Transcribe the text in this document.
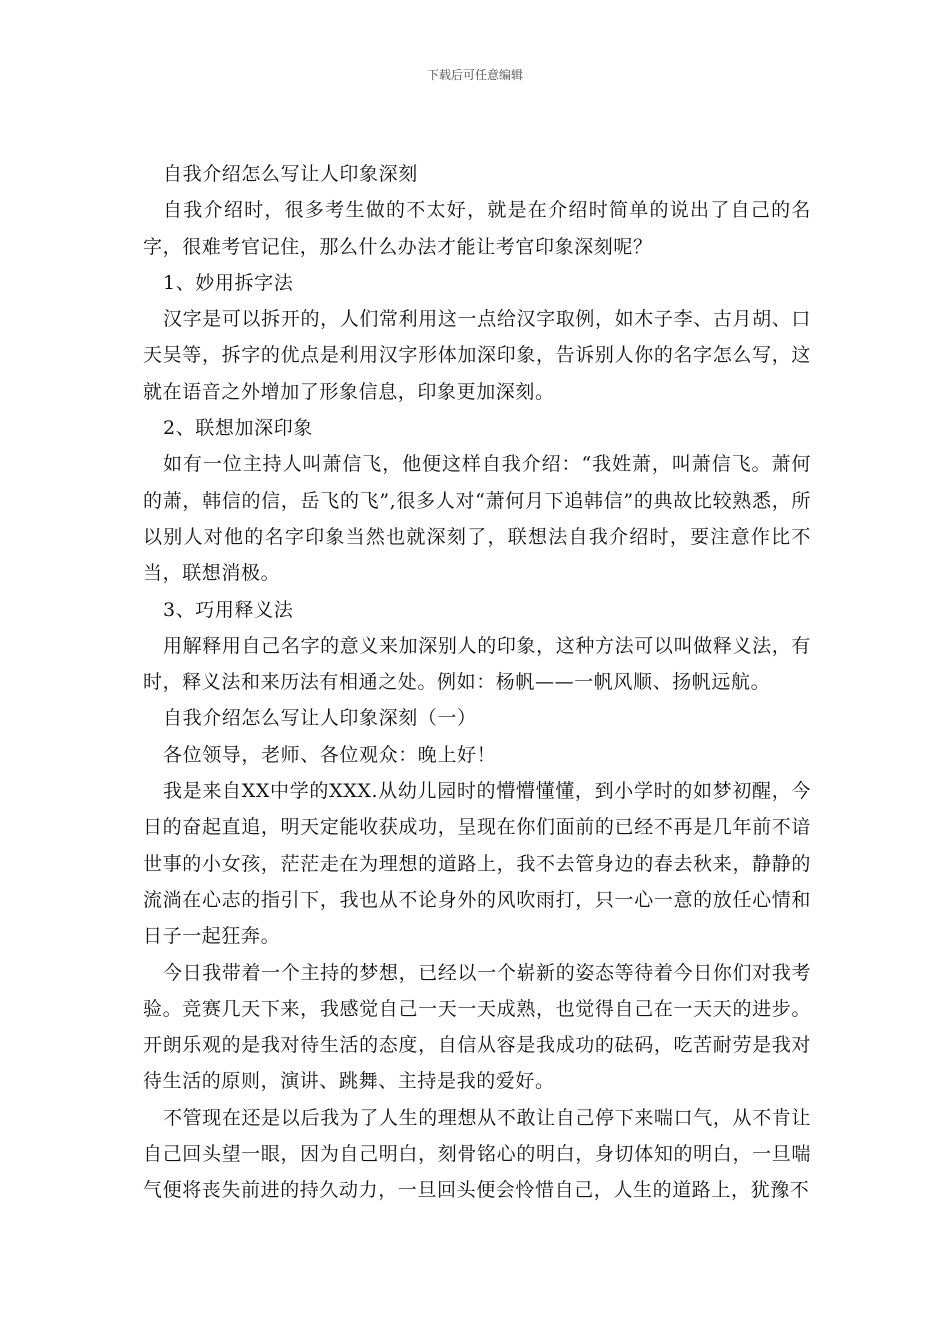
下载后可任意编辑

自我介绍怎么写让人印象深刻

自我介绍时，很多考生做的不太好，就是在介绍时简单的说出了自己的名字，很难考官记住，那么什么办法才能让考官印象深刻呢？

1、妙用拆字法

汉字是可以拆开的，人们常利用这一点给汉字取例，如木子李、古月胡、口天吴等，拆字的优点是利用汉字形体加深印象，告诉别人你的名字怎么写，这就在语音之外增加了形象信息，印象更加深刻。

2、联想加深印象

如有一位主持人叫萧信飞，他便这样自我介绍：“我姓萧，叫萧信飞。萧何的萧，韩信的信，岳飞的飞”,很多人对“萧何月下追韩信”的典故比较熟悉，所以别人对他的名字印象当然也就深刻了，联想法自我介绍时，要注意作比不当，联想消极。

3、巧用释义法

用解释用自己名字的意义来加深别人的印象，这种方法可以叫做释义法，有时，释义法和来历法有相通之处。例如：杨帆——一帆风顺、扬帆远航。

自我介绍怎么写让人印象深刻（一）

各位领导，老师、各位观众：晚上好！

我是来自XX中学的XXX.从幼儿园时的懵懵懂懂，到小学时的如梦初醒，今日的奋起直追，明天定能收获成功，呈现在你们面前的已经不再是几年前不谙世事的小女孩，茫茫走在为理想的道路上，我不去管身边的春去秋来，静静的流淌在心志的指引下，我也从不论身外的风吹雨打，只一心一意的放任心情和日子一起狂奔。

今日我带着一个主持的梦想，已经以一个崭新的姿态等待着今日你们对我考验。竞赛几天下来，我感觉自己一天一天成熟，也觉得自己在一天天的进步。开朗乐观的是我对待生活的态度，自信从容是我成功的砝码，吃苦耐劳是我对待生活的原则，演讲、跳舞、主持是我的爱好。

不管现在还是以后我为了人生的理想从不敢让自己停下来喘口气，从不肯让自己回头望一眼，因为自己明白，刻骨铭心的明白，身切体知的明白，一旦喘气便将丧失前进的持久动力，一旦回头便会怜惜自己，人生的道路上，犹豫不
